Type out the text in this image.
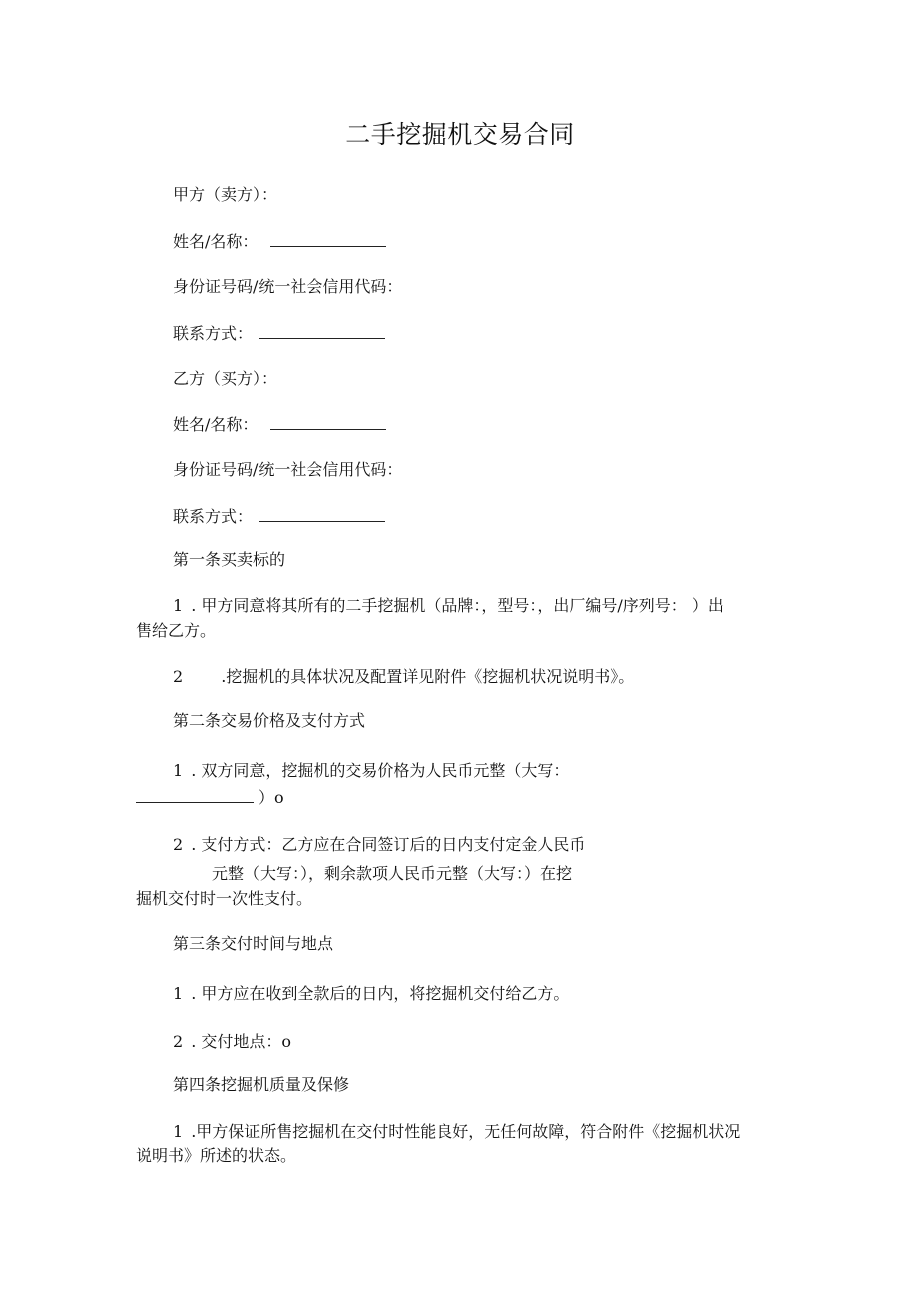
二手挖掘机交易合同
甲方（卖方）：
姓名/名称：
身份证号码/统一社会信用代码：
联系方式：
乙方（买方）：
姓名/名称：
身份证号码/统一社会信用代码：
联系方式：
第一条买卖标的
1 . 甲方同意将其所有的二手挖掘机（品牌：，型号：，出厂编号/序列号： ）出
售给乙方。
2 .挖掘机的具体状况及配置详见附件《挖掘机状况说明书》。
第二条交易价格及支付方式
1 . 双方同意，挖掘机的交易价格为人民币元整（大写：
）o
2 . 支付方式：乙方应在合同签订后的日内支付定金人民币
元整（大写：），剩余款项人民币元整（大写：）在挖
掘机交付时一次性支付。
第三条交付时间与地点
1 . 甲方应在收到全款后的日内，将挖掘机交付给乙方。
2 . 交付地点：o
第四条挖掘机质量及保修
1 .甲方保证所售挖掘机在交付时性能良好，无任何故障，符合附件《挖掘机状况
说明书》所述的状态。
